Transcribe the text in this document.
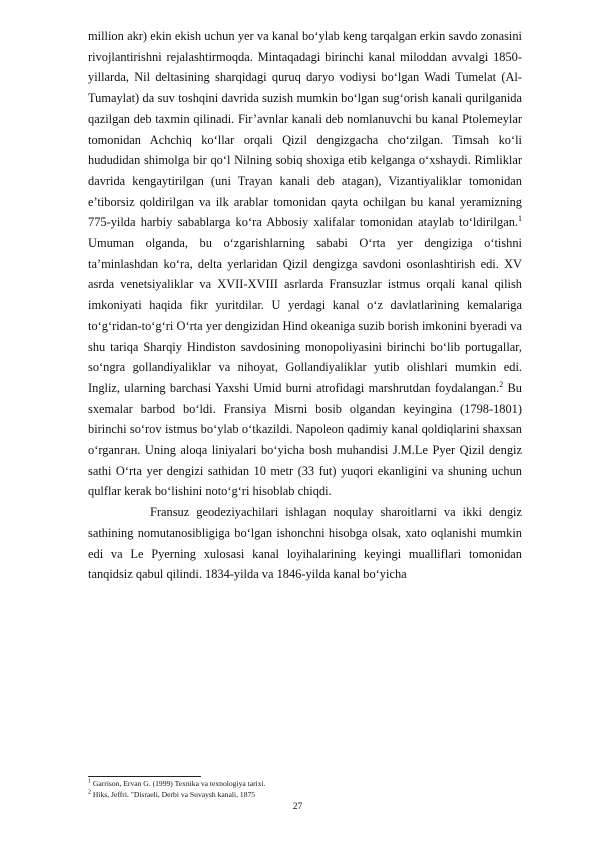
million akr) ekin ekish uchun yer va kanal bo‘ylab keng tarqalgan erkin savdo zonasini rivojlantirishni rejalashtirmoqda. Mintaqadagi birinchi kanal miloddan avvalgi 1850-yillarda, Nil deltasining sharqidagi quruq daryo vodiysi bo‘lgan Wadi Tumelat (Al-Tumaylat) da suv toshqini davrida suzish mumkin bo‘lgan sug‘orish kanali qurilganida qazilgan deb taxmin qilinadi. Fir’avnlar kanali deb nomlanuvchi bu kanal Ptolemeylar tomonidan Achchiq ko‘llar orqali Qizil dengizgacha cho‘zilgan. Timsah ko‘li hududidan shimolga bir qo‘l Nilning sobiq shoxiga etib kelganga o‘xshaydi. Rimliklar davrida kengaytirilgan (uni Trayan kanali deb atagan), Vizantiyaliklar tomonidan e’tiborsiz qoldirilgan va ilk arablar tomonidan qayta ochilgan bu kanal yeramizning 775-yilda harbiy sabablarga ko‘ra Abbosiy xalifalar tomonidan ataylab to‘ldirilgan.$^1$ Umuman olganda, bu o‘zgarishlarning sababi O‘rta yer dengiziga o‘tishni ta’minlashdan ko‘ra, delta yerlaridan Qizil dengizga savdoni osonlashtirish edi. XV asrda venetsiyaliklar va XVII-XVIII asrlarda Fransuzlar istmus orqali kanal qilish imkoniyati haqida fikr yuritdilar. U yerdagi kanal o‘z davlatlarining kemalariga to‘g‘ridan-to‘g‘ri O‘rta yer dengizidan Hind okeaniga suzib borish imkonini byeradi va shu tariqa Sharqiy Hindiston savdosining monopoliyasini birinchi bo‘lib portugallar, so‘ngra gollandiyaliklar va nihoyat, Gollandiyaliklar yutib olishlari mumkin edi. Ingliz, ularning barchasi Yaxshi Umid burni atrofidagi marshrutdan foydalangan.$^2$ Bu sxemalar barbod bo‘ldi. Fransiya Misrni bosib olgandan keyingina (1798-1801) birinchi so‘rov istmus bo‘ylab o‘tkazildi. Napoleon qadimiy kanal qoldiqlarini shaxsan o‘rganган. Uning aloqa liniyalari bo‘yicha bosh muhandisi J.M.Le Pyer Qizil dengiz sathi O‘rta yer dengizi sathidan 10 metr (33 fut) yuqori ekanligini va shuning uchun qulflar kerak bo‘lishini noto‘g‘ri hisoblab chiqdi.

Fransuz geodeziyachilari ishlagan noqulay sharoitlarni va ikki dengiz sathining nomutanosibligiga bo‘lgan ishonchni hisobga olsak, xato oqlanishi mumkin edi va Le Pyerning xulosasi kanal loyihalarining keyingi mualliflari tomonidan tanqidsiz qabul qilindi. 1834-yilda va 1846-yilda kanal bo‘yicha

$^1$ Garrison, Ervan G. (1999) Texnika va texnologiya tarixi.
$^2$ Hiks, Jeffri. "Disraeli, Derbi va Suvaysh kanali, 1875
27
